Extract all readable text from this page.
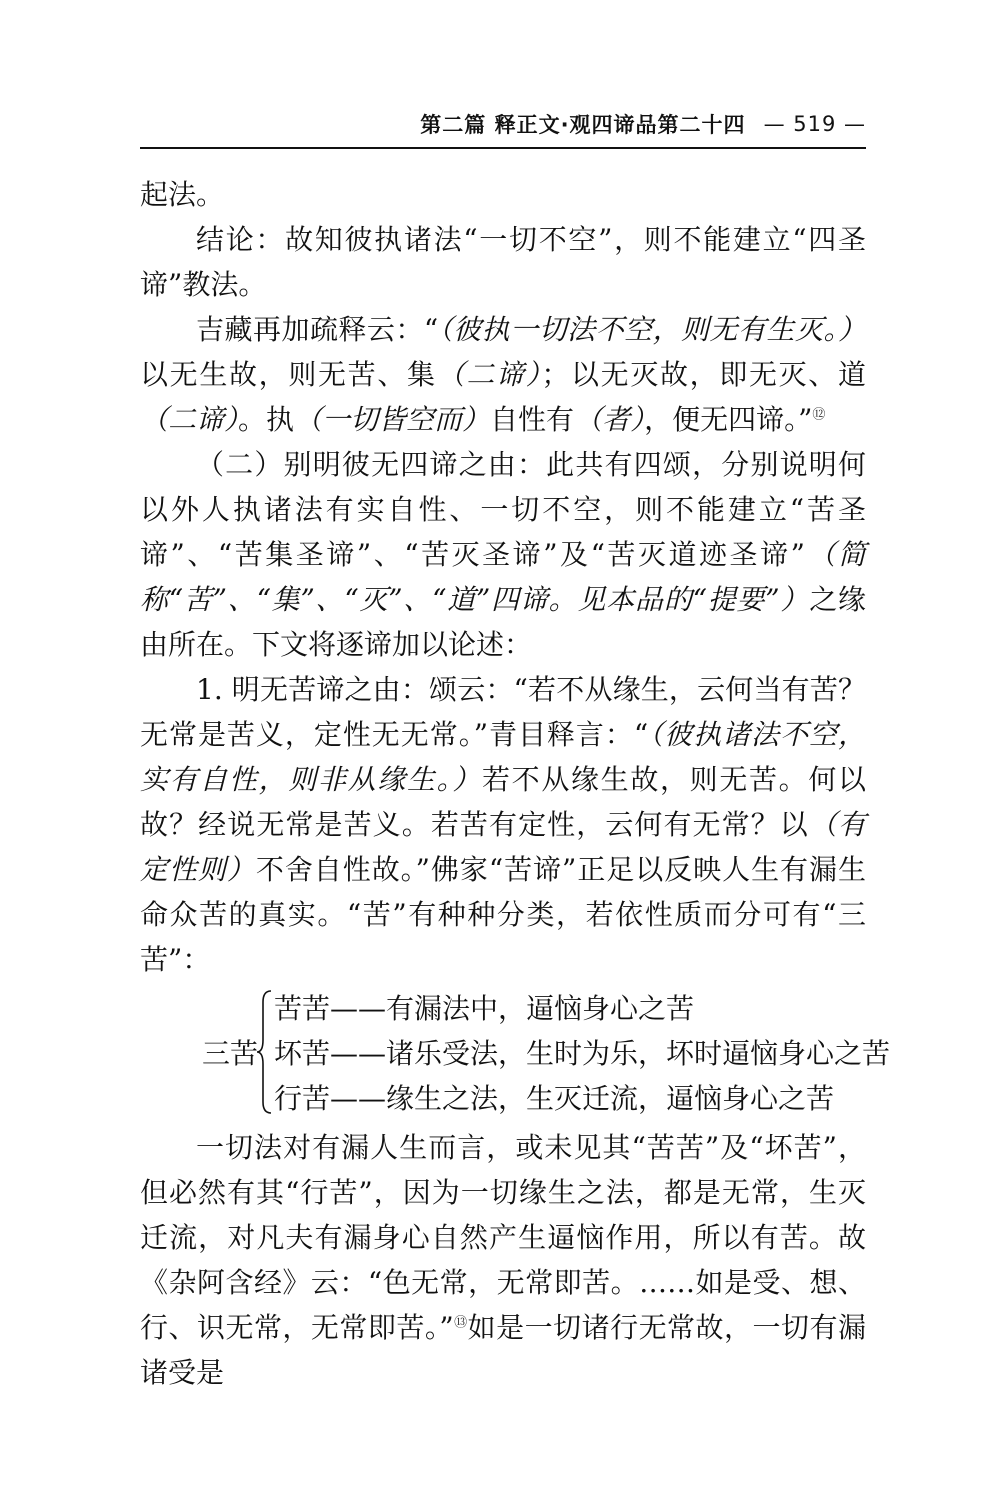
第二篇 释正文·观四谛品第二十四 — 519 —

起法。

结论：故知彼执诸法“一切不空”，则不能建立“四圣谛”教法。

吉藏再加疏释云：“（彼执一切法不空，则无有生灭。）以无生故，则无苦、集（二谛）；以无灭故，即无灭、道（二谛）。执（一切皆空而）自性有（者），便无四谛。”⑫

（二）别明彼无四谛之由：此共有四颂，分别说明何以外人执诸法有实自性、一切不空，则不能建立“苦圣谛”、“苦集圣谛”、“苦灭圣谛”及“苦灭道迹圣谛”（简称“苦”、“集”、“灭”、“道”四谛。见本品的“提要”）之缘由所在。下文将逐谛加以论述：

1. 明无苦谛之由：颂云：“若不从缘生，云何当有苦？无常是苦义，定性无无常。”青目释言：“（彼执诸法不空，实有自性，则非从缘生。）若不从缘生故，则无苦。何以故？经说无常是苦义。若苦有定性，云何有无常？以（有定性则）不舍自性故。”佛家“苦谛”正足以反映人生有漏生命众苦的真实。“苦”有种种分类，若依性质而分可有“三苦”：

三苦
苦苦——有漏法中，逼恼身心之苦
坏苦——诸乐受法，生时为乐，坏时逼恼身心之苦
行苦——缘生之法，生灭迁流，逼恼身心之苦

一切法对有漏人生而言，或未见其“苦苦”及“坏苦”，但必然有其“行苦”，因为一切缘生之法，都是无常，生灭迁流，对凡夫有漏身心自然产生逼恼作用，所以有苦。故《杂阿含经》云：“色无常，无常即苦。……如是受、想、行、识无常，无常即苦。”⑬如是一切诸行无常故，一切有漏诸受是
